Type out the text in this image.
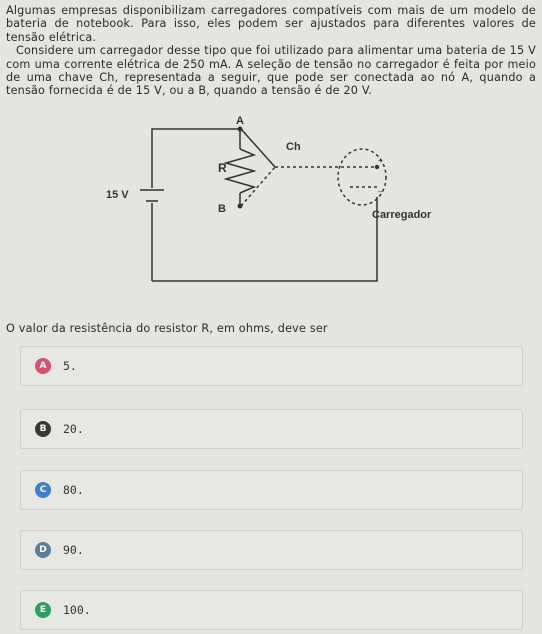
Algumas empresas disponibilizam carregadores compatíveis com mais de um modelo de bateria de notebook. Para isso, eles podem ser ajustados para diferentes valores de tensão elétrica.

Considere um carregador desse tipo que foi utilizado para alimentar uma bateria de 15 V com uma corrente elétrica de 250 mA. A seleção de tensão no carregador é feita por meio de uma chave Ch, representada a seguir, que pode ser conectada ao nó A, quando a tensão fornecida é de 15 V, ou a B, quando a tensão é de 20 V.

A
B
R
Ch
15 V
Carregador
+
–
O valor da resistência do resistor R, em ohms, deve ser
A	5.
B	20.
C	80.
D	90.
E	100.
